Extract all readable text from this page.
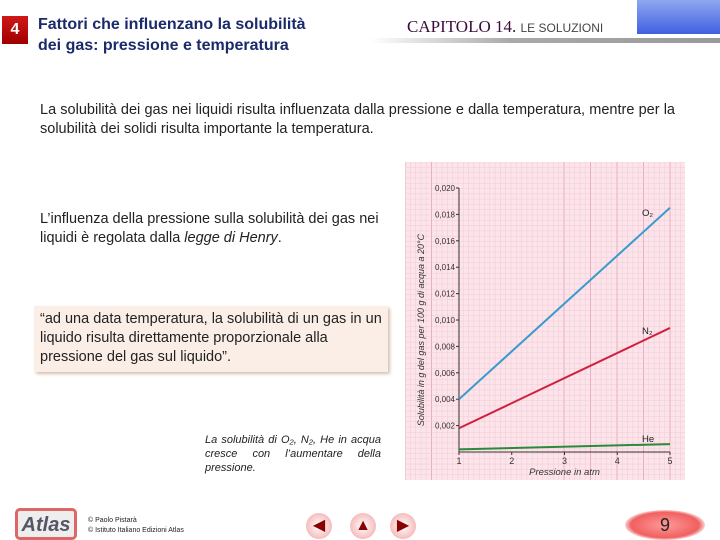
4	Fattori che influenzano la solubilità
dei gas: pressione e temperatura
CAPITOLO 14. LE SOLUZIONI
La solubilità dei gas nei liquidi risulta influenzata dalla pressione e dalla temperatura, mentre per la solubilità dei solidi risulta importante la temperatura.
L’influenza della pressione sulla solubilità dei gas nei liquidi è regolata dalla legge di Henry.
“ad una data temperatura, la solubilità di un gas in un liquido risulta direttamente proporzionale alla pressione del gas sul liquido”.
La solubilità di O₂, N₂, He in acqua cresce con l’aumentare della pressione.
0,002
0,004
0,006
0,008
0,010
0,012
0,014
0,016
0,018
0,020
1	2	3	4	5
Pressione in atm
Solubilità in g del gas per 100 g di acqua a 20°C
O₂
N₂
He
Atlas	© Paolo Pistarà
© Istituto Italiano Edizioni Atlas	◀	▲	▶	9
